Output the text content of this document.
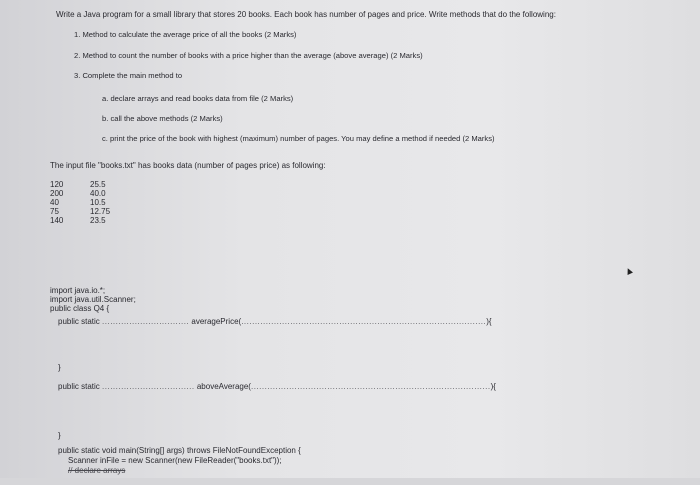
Write a Java program for a small library that stores 20 books. Each book has number of pages and price. Write methods that do the following:
1. Method to calculate the average price of all the books (2 Marks)
2. Method to count the number of books with a price higher than the average (above average) (2 Marks)
3. Complete the main method to
a. declare arrays and read books data from file (2 Marks)
b. call the above methods (2 Marks)
c. print the price of the book with highest (maximum) number of pages. You may define a method if needed (2 Marks)
The input file "books.txt" has books data (number of pages price) as following:
120	25.5
200	40.0
40	10.5
75	12.75
140	23.5
import java.io.*;
import java.util.Scanner;
public class Q4 {
public static ................................ averagePrice(..........................................................................................){
}
public static .................................. aboveAverage(........................................................................................){
}
public static void main(String[] args) throws FileNotFoundException {
Scanner inFile = new Scanner(new FileReader("books.txt"));
// declare arrays
